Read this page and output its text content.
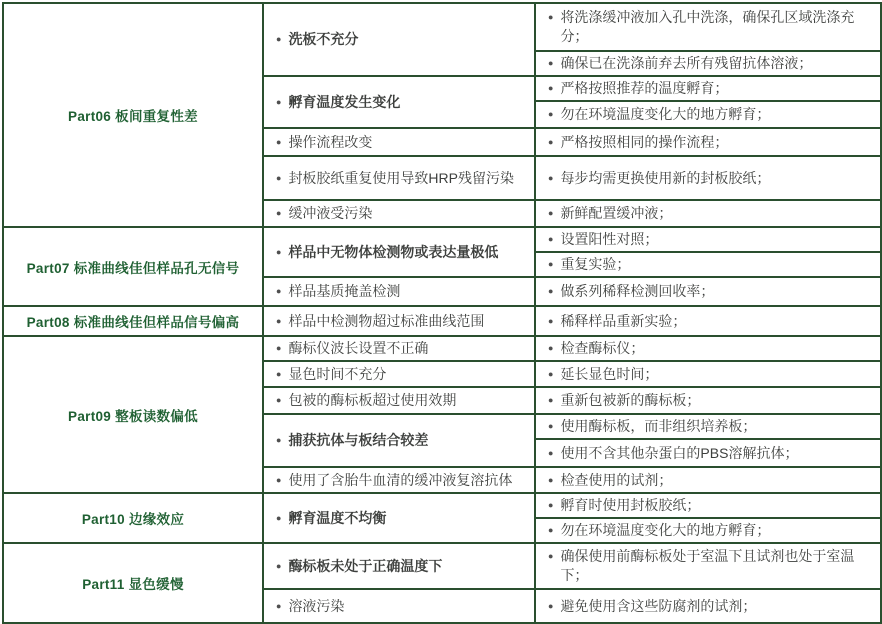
Part06 板间重复性差	● 洗板不充分	● 将洗涤缓冲液加入孔中洗涤，确保孔区域洗涤充分；

		● 确保已在洗涤前弃去所有残留抗体溶液；

	● 孵育温度发生变化	● 严格按照推荐的温度孵育；

		● 勿在环境温度变化大的地方孵育；

	● 操作流程改变	● 严格按照相同的操作流程；

	● 封板胶纸重复使用导致HRP残留污染	● 每步均需更换使用新的封板胶纸；

	● 缓冲液受污染	● 新鲜配置缓冲液；

Part07 标准曲线佳但样品孔无信号	● 样品中无物体检测物或表达量极低	● 设置阳性对照；

		● 重复实验；

	● 样品基质掩盖检测	● 做系列稀释检测回收率；

Part08 标准曲线佳但样品信号偏高	● 样品中检测物超过标准曲线范围	● 稀释样品重新实验；

Part09 整板读数偏低	● 酶标仪波长设置不正确	● 检查酶标仪；

	● 显色时间不充分	● 延长显色时间；

	● 包被的酶标板超过使用效期	● 重新包被新的酶标板；

	● 捕获抗体与板结合较差	● 使用酶标板，而非组织培养板；

		● 使用不含其他杂蛋白的PBS溶解抗体；

	● 使用了含胎牛血清的缓冲液复溶抗体	● 检查使用的试剂；

Part10 边缘效应	● 孵育温度不均衡	● 孵育时使用封板胶纸；

		● 勿在环境温度变化大的地方孵育；

Part11 显色缓慢	● 酶标板未处于正确温度下	● 确保使用前酶标板处于室温下且试剂也处于室温下；

	● 溶液污染	● 避免使用含这些防腐剂的试剂；
